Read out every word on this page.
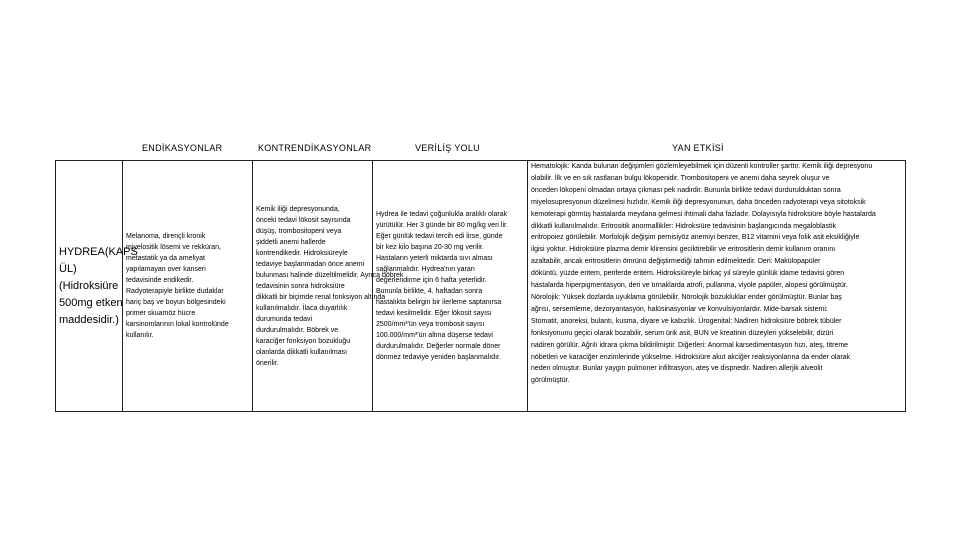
ENDİKASYONLAR	KONTRENDİKASYONLAR	VERİLİŞ YOLU	YAN ETKİSİ
HYDREA(KAPS
ÜL)
(Hidroksiüre
500mg etken
maddesidir.)

Melanoma, dirençli kronik
miyelositik lösemi ve rekküran,
metastatik ya da ameliyat
yapılamayan over kanseri
tedavisinde endikedir.
Radyoterapiyle birlikte dudaklar
hariç baş ve boyun bölgesindeki
primer skuamöz hücre
karsinomlarının lokal kontrolünde
kullanılır.

Kemik iliği depresyonunda,
önceki tedavi lökosit sayısında
düşüş, trombositopeni veya
şiddetli anemi hallerde
kontrendikedir. Hidroksiüreyle
tedaviye başlanmadan önce anemi
bulunması halinde düzeltilmelidir. Ayrıca böbrek
tedavisinin sonra hidroksiüre
dikkatli bir biçimde renal fonksiyon altında
kullanılmalıdır. İlaca duyarlılık
durumunda tedavi
durdurulmalıdır. Böbrek ve
karaciğer fonksiyon bozukluğu
olanlarda dikkatli kullanılması
önerilir.

Hydrea ile tedavi çoğunlukla aralıklı olarak
yürütülür. Her 3 günde bir 80 mg/kg veri lir.
Eğer günlük tedavi tercih edi lirse, günde
bir kez kilo başına 20-30 mg verilir.
Hastaların yeterli miktarda sıvı alması
sağlanmalıdır. Hydrea'nın yararı
değerlendirme için 6 hafta yeterlidir.
Bununla birlikte, 4. haftadan sonra
hastalıkta belirgin bir ilerleme saptanırsa
tedavi kesilmelidir. Eğer lökosit sayısı
2500/mm³'ün veya trombosit sayısı
100.000/mm³'ün altına düşerse tedavi
durdurulmalıdır. Değerler normale döner
dönmez tedaviye yeniden başlanmalıdır.

Hematolojik: Kanda bulunan değişimleri gözlemleyebilmek için düzenli kontroller şarttır. Kemik iliği depresyonu
olabilir. İlk ve en sık rastlanan bulgu lökopenidir. Trombositopeni ve anemi daha seyrek oluşur ve
önceden lökopeni olmadan ortaya çıkması pek nadirdir. Bununla birlikte tedavi durdurulduktan sonra
miyelosupresyonun düzelmesi hızlıdır. Kemik iliği depresyonunun, daha önceden radyoterapi veya sitotoksik
kemoterapi görmüş hastalarda meydana gelmesi ihtimali daha fazladır. Dolayısıyla hidroksiüre böyle hastalarda
dikkatli kullanılmalıdır. Eritrositik anormallikler: Hidroksiüre tedavisinin başlangıcında megaloblastik
eritropoiez görülebilir. Morfolojik değişim pernisiyöz anemiyi benzer, B12 vitamini veya folik asit eksikliğiyle
ilgisi yoktur. Hidroksiüre plazma demir klirensini geciktirebilir ve eritrositlerin demir kullanım oranını
azaltabilir, ancak eritrositlerin ömrünü değiştirmediği tahmin edilmektedir. Deri: Makülopapüler
döküntü, yüzde eritem, periferde eritem. Hidroksiüreyle birkaç yıl süreyle günlük idame tedavisi gören
hastalarda hiperpigmentasyon, deri ve tırnaklarda atrofi, pullanma, viyole papüler, alopesi görülmüştür.
Nörolojik: Yüksek dozlarda uyuklama görülebilir. Nörolojik bozukluklar ender görülmüştür. Bunlar baş
ağrısı, sersemleme, dezoryantasyon, halüsinasyonlar ve konvulsiyonlardır. Mide-barsak sistemi:
Stomatit, anoreksi, bulantı, kusma, diyare ve kabızlık. Ürogenital: Nadiren hidroksiüre böbrek tübüler
fonksiyonunu geçici olarak bozabilir, serum ürik asit, BUN ve kreatinin düzeyleri yükselebilir, dizüri
nadiren görülür. Ağrılı idrara çıkma bildirilmiştir. Diğerleri: Anormal karsedimentasyon hızı, ateş, titreme
nöbetleri ve karaciğer enzimlerinde yükselme. Hidroksiüre akut akciğer reaksiyonlarına da ender olarak
neden olmuştur. Bunlar yaygın pulmoner infiltrasyon, ateş ve dispnedir. Nadiren allerjik alveolit
görülmüştür.
